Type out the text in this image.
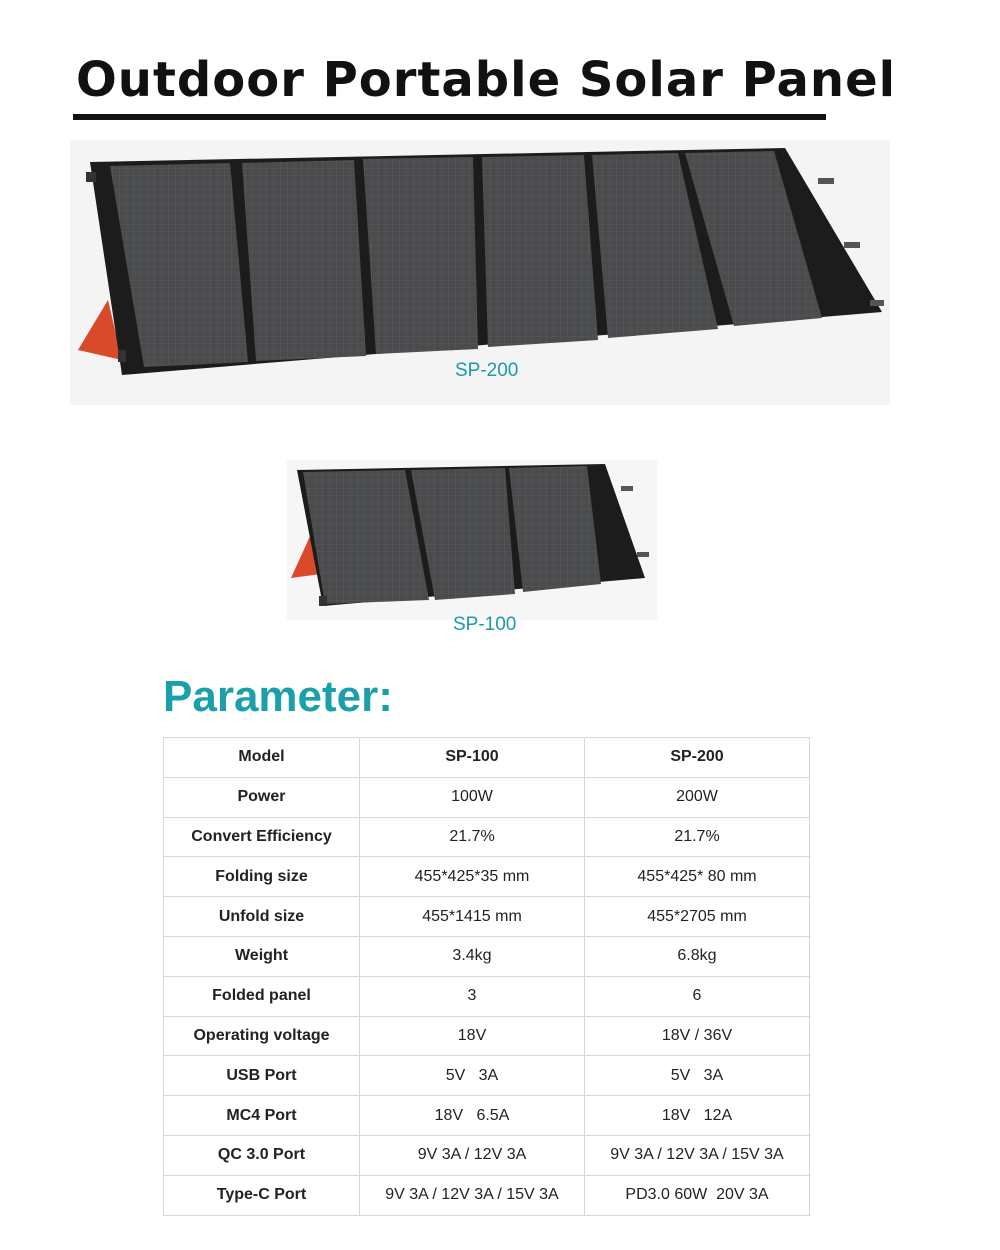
Outdoor Portable Solar Panel
SP-200
SP-100
Parameter:
Model	SP-100	SP-200
Power	100W	200W
Convert Efficiency	21.7%	21.7%
Folding size	455*425*35 mm	455*425* 80 mm
Unfold size	455*1415 mm	455*2705 mm
Weight	3.4kg	6.8kg
Folded panel	3	6
Operating voltage	18V	18V / 36V
USB Port	5V   3A	5V   3A
MC4 Port	18V   6.5A	18V   12A
QC 3.0 Port	9V 3A / 12V 3A	9V 3A / 12V 3A / 15V 3A
Type-C Port	9V 3A / 12V 3A / 15V 3A	PD3.0 60W  20V 3A
